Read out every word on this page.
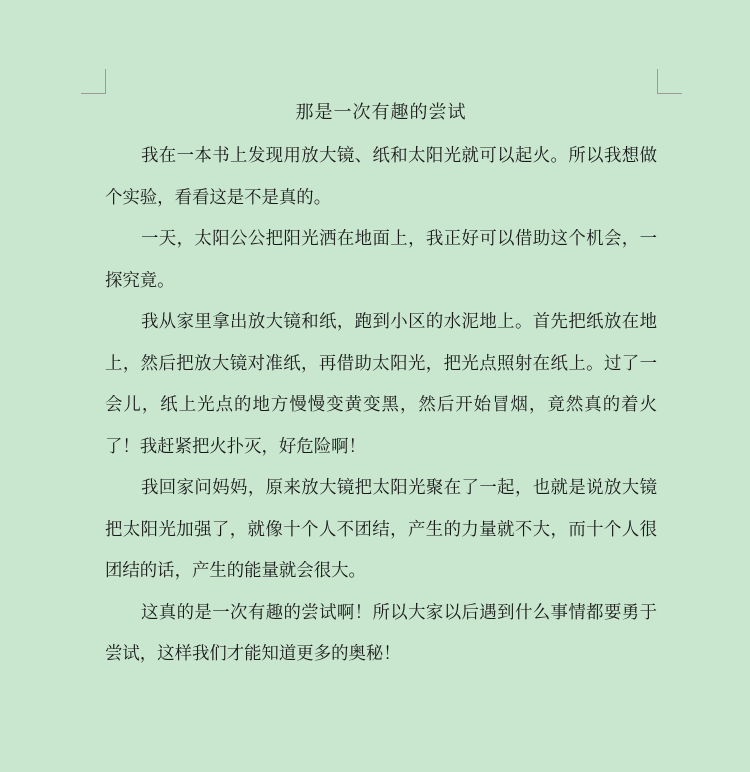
那是一次有趣的尝试

我在一本书上发现用放大镜、纸和太阳光就可以起火。所以我想做个实验，看看这是不是真的。

一天，太阳公公把阳光洒在地面上，我正好可以借助这个机会，一探究竟。

我从家里拿出放大镜和纸，跑到小区的水泥地上。首先把纸放在地上，然后把放大镜对准纸，再借助太阳光，把光点照射在纸上。过了一会儿，纸上光点的地方慢慢变黄变黑，然后开始冒烟，竟然真的着火了！我赶紧把火扑灭，好危险啊！

我回家问妈妈，原来放大镜把太阳光聚在了一起，也就是说放大镜把太阳光加强了，就像十个人不团结，产生的力量就不大，而十个人很团结的话，产生的能量就会很大。

这真的是一次有趣的尝试啊！所以大家以后遇到什么事情都要勇于尝试，这样我们才能知道更多的奥秘！
